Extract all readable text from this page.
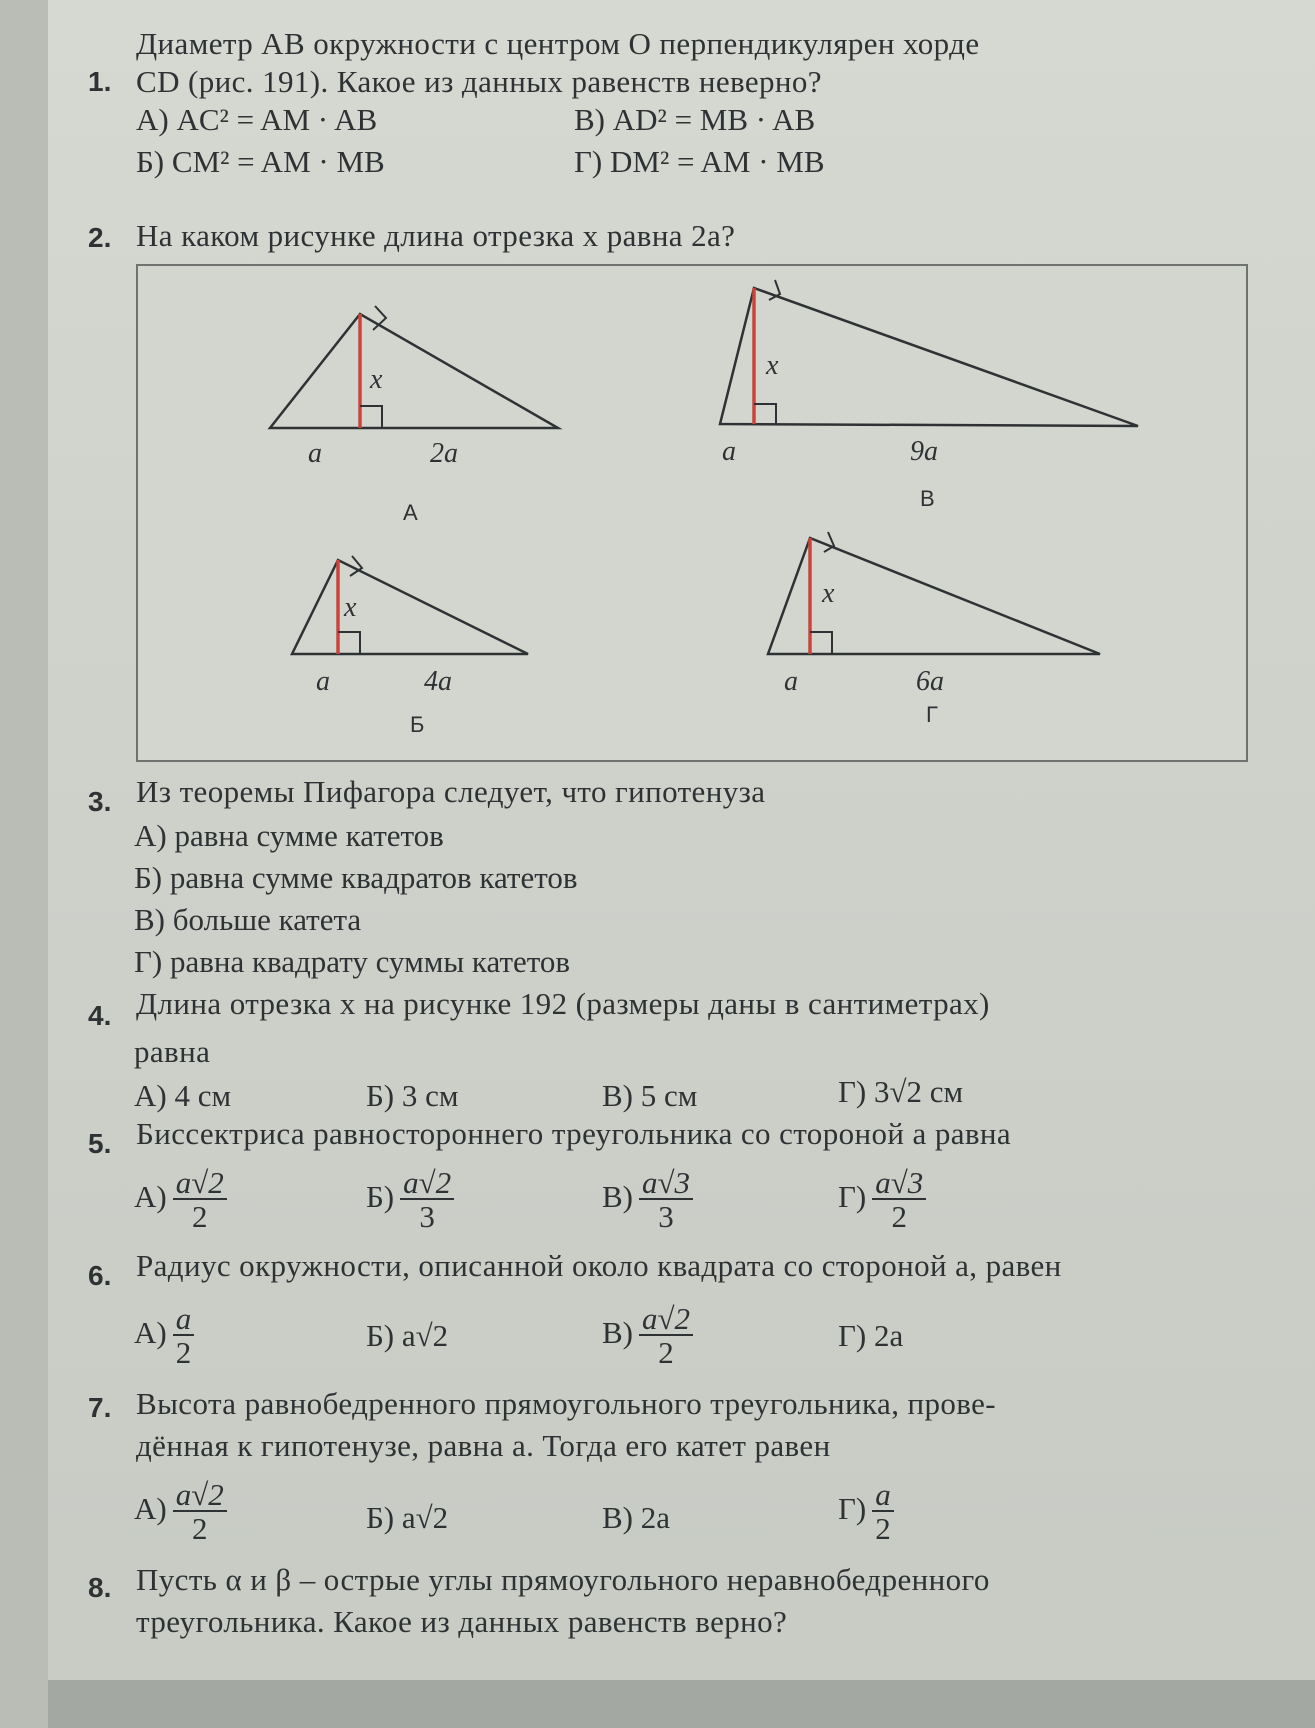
1.
Диаметр AB окружности с центром O перпендикулярен хорде
CD (рис. 191). Какое из данных равенств неверно?
А) AC² = AM · AB
Б) CM² = AM · MB
В) AD² = MB · AB
Г) DM² = AM · MB
2. На каком рисунке длина отрезка x равна 2a?
x
a	2a
А
x
a	9a
В
x
a	4a
Б
x
a	6a
Г
3. Из теоремы Пифагора следует, что гипотенуза
А) равна сумме катетов
Б) равна сумме квадратов катетов
В) больше катета
Г) равна квадрату суммы катетов
4. Длина отрезка x на рисунке 192 (размеры даны в сантиметрах)
равна
А) 4 см	Б) 3 см	В) 5 см	Г) 3√2 см
5. Биссектриса равностороннего треугольника со стороной a равна
$А) \frac{a√2}{2}$	$Б) \frac{a√2}{3}$	$В) \frac{a√3}{3}$	$Г) \frac{a√3}{2}$
6. Радиус окружности, описанной около квадрата со стороной a, равен
$А) \frac{a}{2}$	Б) a√2	$В) \frac{a√2}{2}$	Г) 2a
7. Высота равнобедренного прямоугольного треугольника, прове-
дённая к гипотенузе, равна a. Тогда его катет равен
$А) \frac{a√2}{2}$	Б) a√2	В) 2a	$Г) \frac{a}{2}$
8. Пусть α и β – острые углы прямоугольного неравнобедренного
треугольника. Какое из данных равенств верно?
